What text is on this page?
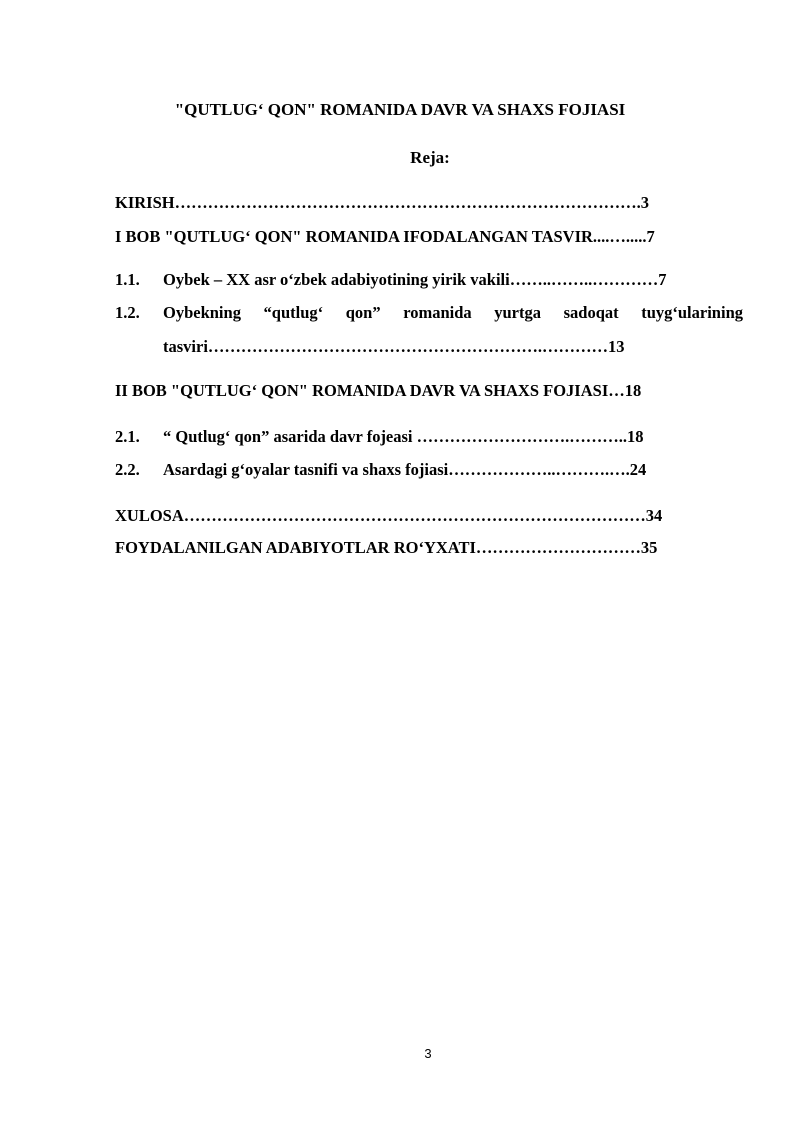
"QUTLUG‘ QON" ROMANIDA DAVR VA SHAXS FOJIASI
Reja:
KIRISH………………………………………………………………………….3
I BOB "QUTLUG‘ QON" ROMANIDA IFODALANGAN TASVIR....….....7
1.1. Oybek – XX asr o‘zbek adabiyotining yirik vakili……..……..…………7
1.2. Oybekning “qutlug‘ qon” romanida yurtga sadoqat tuyg‘ularining
tasviri…………………………………………………….…………13
II BOB "QUTLUG‘ QON" ROMANIDA DAVR VA SHAXS FOJIASI…18
2.1. “ Qutlug‘ qon” asarida davr fojeasi ……………………….………..18
2.2. Asardagi g‘oyalar tasnifi va shaxs fojiasi………………..……….….24
XULOSA…………………………………………………………………………34
FOYDALANILGAN ADABIYOTLAR RO‘YXATI…………………………35
3
